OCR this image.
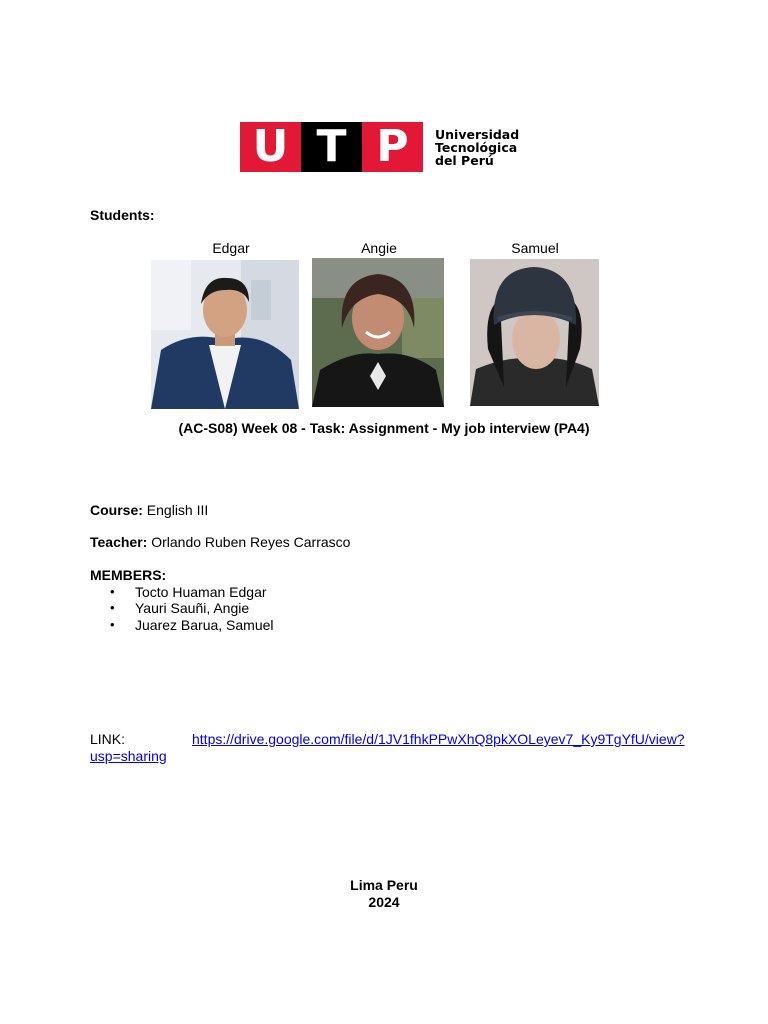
U T P	Universidad
Tecnológica
del Perú
Students:
Edgar	Angie	Samuel
(AC-S08) Week 08 - Task: Assignment - My job interview (PA4)
Course: English III
Teacher: Orlando Ruben Reyes Carrasco
MEMBERS:
•	Tocto Huaman Edgar
•	Yauri Sauñi, Angie
•	Juarez Barua, Samuel
LINK:	https://drive.google.com/file/d/1JV1fhkPPwXhQ8pkXOLeyev7_Ky9TgYfU/view?
usp=sharing
Lima Peru
2024
